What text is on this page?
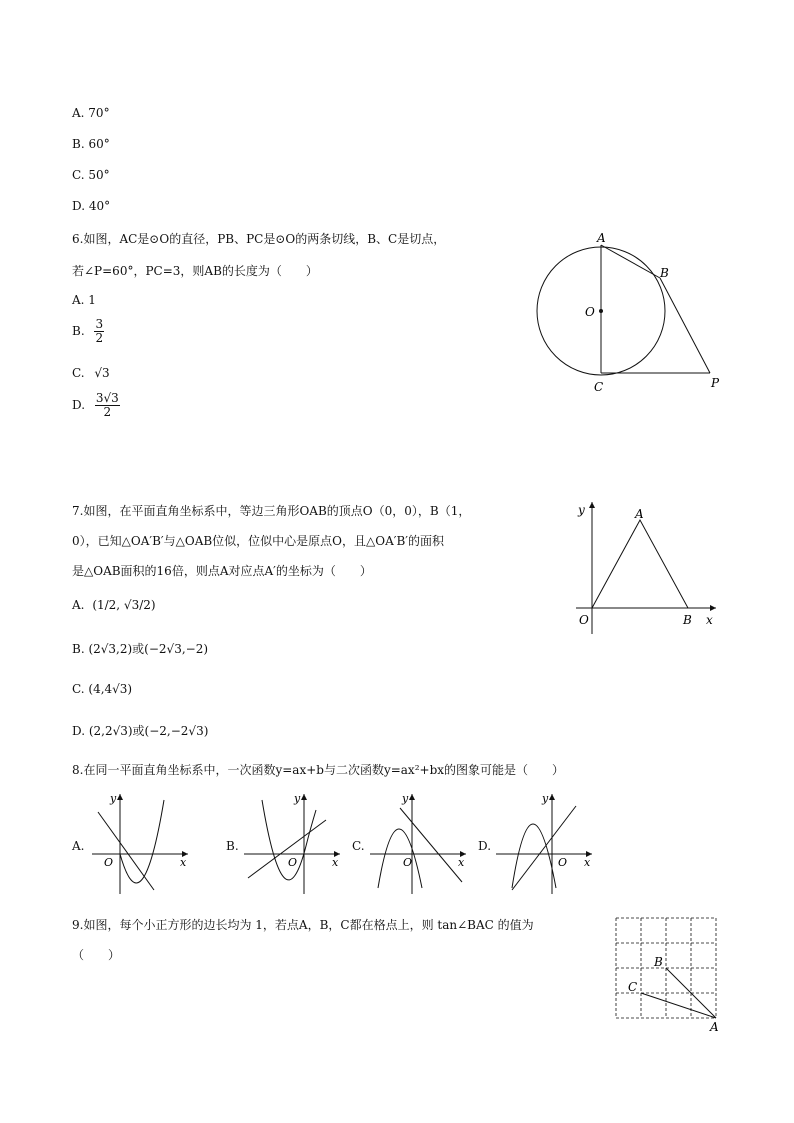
A. 70°
B. 60°
C. 50°
D. 40°
6.如图，AC是⊙O的直径，PB、PC是⊙O的两条切线，B、C是切点，
若∠P=60°，PC=3，则AB的长度为（　　）
A. 1
B. $\frac{3}{2}$
C. √3
D. $\frac{3√3}{2}$
A
B
O
C	P
7.如图，在平面直角坐标系中，等边三角形OAB的顶点O（0，0），B（1，
0），已知△OA′B′与△OAB位似，位似中心是原点O，且△OA′B′的面积
是△OAB面积的16倍，则点A对应点A′的坐标为（　　）
A. (1/2, √3/2)
B. (2√3,2)或(−2√3,−2)
C. (4,4√3)
D. (2,2√3)或(−2,−2√3)
y	A
O	B x
8.在同一平面直角坐标系中，一次函数y=ax+b与二次函数y=ax²+bx的图象可能是（　　）
A.	B.	C.	D.
y
O	x
y
O	x
y
O	x
y
O x
9.如图，每个小正方形的边长均为 1，若点A，B，C都在格点上，则 tan∠BAC 的值为
（　　）	B
C
A
